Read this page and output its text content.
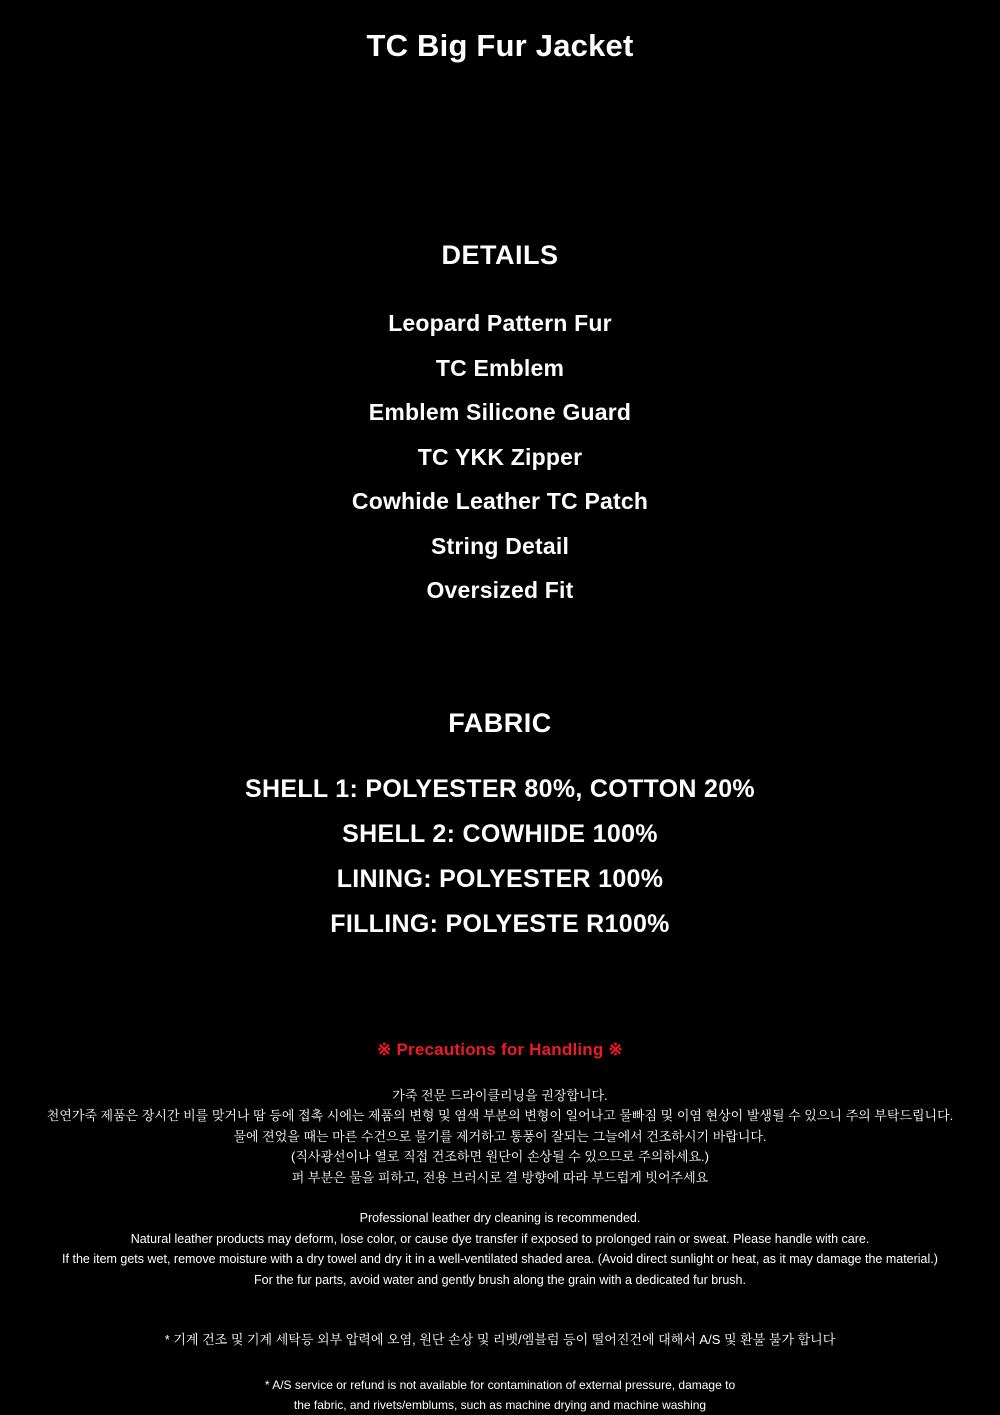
TC Big Fur Jacket
DETAILS
Leopard Pattern Fur
TC Emblem
Emblem Silicone Guard
TC YKK Zipper
Cowhide Leather TC Patch
String Detail
Oversized Fit
FABRIC
SHELL 1: POLYESTER 80%, COTTON 20%
SHELL 2: COWHIDE 100%
LINING: POLYESTER 100%
FILLING: POLYESTE R100%
※ Precautions for Handling ※
가죽 전문 드라이클리닝을 권장합니다.
천연가죽 제품은 장시간 비를 맞거나 땀 등에 접촉 시에는 제품의 변형 및 염색 부분의 변형이 일어나고 물빠짐 및 이염 현상이 발생될 수 있으니 주의 부탁드립니다.
물에 젼었을 때는 마른 수건으로 물기를 제거하고 통풍이 잘되는 그늘에서 건조하시기 바랍니다.
(직사광선이나 열로 직접 건조하면 원단이 손상될 수 있으므로 주의하세요.)
퍼 부분은 물을 피하고, 전용 브러시로 결 방향에 따라 부드럽게 빗어주세요
Professional leather dry cleaning is recommended.
Natural leather products may deform, lose color, or cause dye transfer if exposed to prolonged rain or sweat. Please handle with care.
If the item gets wet, remove moisture with a dry towel and dry it in a well-ventilated shaded area. (Avoid direct sunlight or heat, as it may damage the material.)
For the fur parts, avoid water and gently brush along the grain with a dedicated fur brush.
* 기계 건조 및 기계 세탁등 외부 압력에 오염, 원단 손상 및 리벳/엠블럼 등이 떨어진건에 대해서 A/S 및 환불 불가 합니다
* A/S service or refund is not available for contamination of external pressure, damage to
the fabric, and rivets/emblums, such as machine drying and machine washing
